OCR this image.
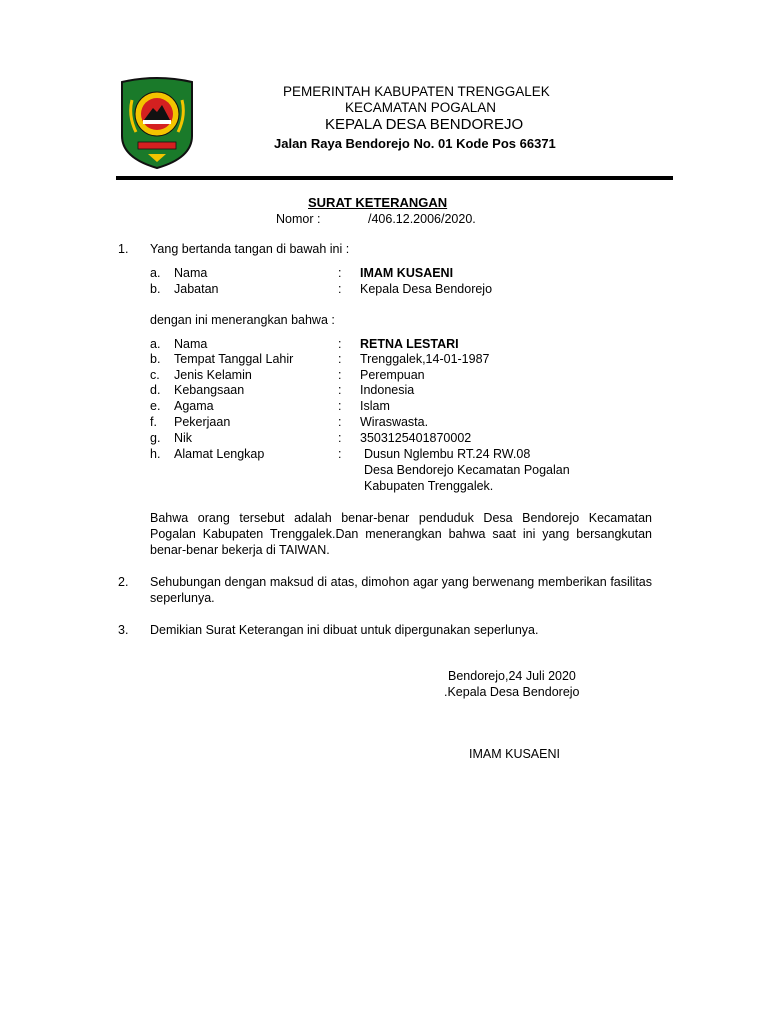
PEMERINTAH KABUPATEN TRENGGALEK
KECAMATAN POGALAN
KEPALA DESA BENDOREJO
Jalan Raya Bendorejo No. 01 Kode Pos 66371
SURAT KETERANGAN
Nomor :	/406.12.2006/2020.
1. Yang bertanda tangan di bawah ini :
a. Nama	: IMAM KUSAENI
b. Jabatan	: Kepala Desa Bendorejo
dengan ini menerangkan bahwa :
a. Nama	: RETNA LESTARI
b. Tempat Tanggal Lahir	: Trenggalek,14-01-1987
c. Jenis Kelamin	: Perempuan
d. Kebangsaan	: Indonesia
e. Agama	: Islam
f. Pekerjaan	: Wiraswasta.
g. Nik	: 3503125401870002
h. Alamat Lengkap	: Dusun Nglembu RT.24 RW.08
Desa Bendorejo Kecamatan Pogalan
Kabupaten Trenggalek.
Bahwa orang tersebut adalah benar-benar penduduk Desa Bendorejo Kecamatan Pogalan Kabupaten Trenggalek.Dan menerangkan bahwa saat ini yang bersangkutan benar-benar bekerja di TAIWAN.
2. Sehubungan dengan maksud di atas, dimohon agar yang berwenang memberikan fasilitas seperlunya.
3. Demikian Surat Keterangan ini dibuat untuk dipergunakan seperlunya.
Bendorejo,24 Juli 2020
.Kepala Desa Bendorejo
IMAM KUSAENI
